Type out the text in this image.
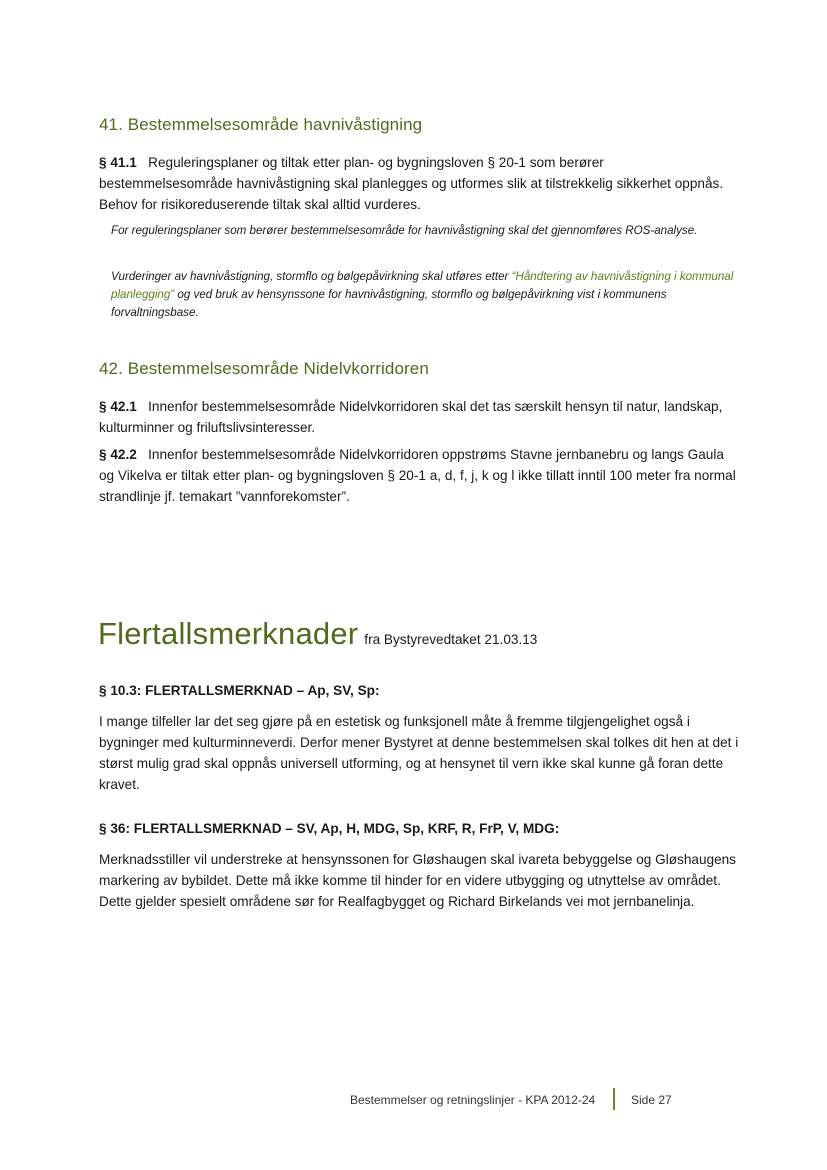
41. Bestemmelsesområde havnivåstigning

§ 41.1 Reguleringsplaner og tiltak etter plan- og bygningsloven § 20-1 som berører bestemmelsesområde havnivåstigning skal planlegges og utformes slik at tilstrekkelig sikkerhet oppnås. Behov for risikoreduserende tiltak skal alltid vurderes.

For reguleringsplaner som berører bestemmelsesområde for havnivåstigning skal det gjennomføres ROS-analyse.

Vurderinger av havnivåstigning, stormflo og bølgepåvirkning skal utføres etter “Håndtering av havnivåstigning i kommunal planlegging” og ved bruk av hensynssone for havnivåstigning, stormflo og bølgepåvirkning vist i kommunens forvaltningsbase.

42. Bestemmelsesområde Nidelvkorridoren

§ 42.1 Innenfor bestemmelsesområde Nidelvkorridoren skal det tas særskilt hensyn til natur, landskap, kulturminner og friluftslivsinteresser.

§ 42.2 Innenfor bestemmelsesområde Nidelvkorridoren oppstrøms Stavne jernbanebru og langs Gaula og Vikelva er tiltak etter plan- og bygningsloven § 20-1 a, d, f, j, k og l ikke tillatt inntil 100 meter fra normal strandlinje jf. temakart ”vannforekomster”.

Flertallsmerknader fra Bystyrevedtaket 21.03.13

§ 10.3: FLERTALLSMERKNAD – Ap, SV, Sp:

I mange tilfeller lar det seg gjøre på en estetisk og funksjonell måte å fremme tilgjengelighet også i bygninger med kulturminneverdi. Derfor mener Bystyret at denne bestemmelsen skal tolkes dit hen at det i størst mulig grad skal oppnås universell utforming, og at hensynet til vern ikke skal kunne gå foran dette kravet.

§ 36: FLERTALLSMERKNAD – SV, Ap, H, MDG, Sp, KRF, R, FrP, V, MDG:

Merknadsstiller vil understreke at hensynssonen for Gløshaugen skal ivareta bebyggelse og Gløshaugens markering av bybildet. Dette må ikke komme til hinder for en videre utbygging og utnyttelse av området. Dette gjelder spesielt områdene sør for Realfagbygget og Richard Birkelands vei mot jernbanelinja.

Bestemmelser og retningslinjer - KPA 2012-24	Side 27
